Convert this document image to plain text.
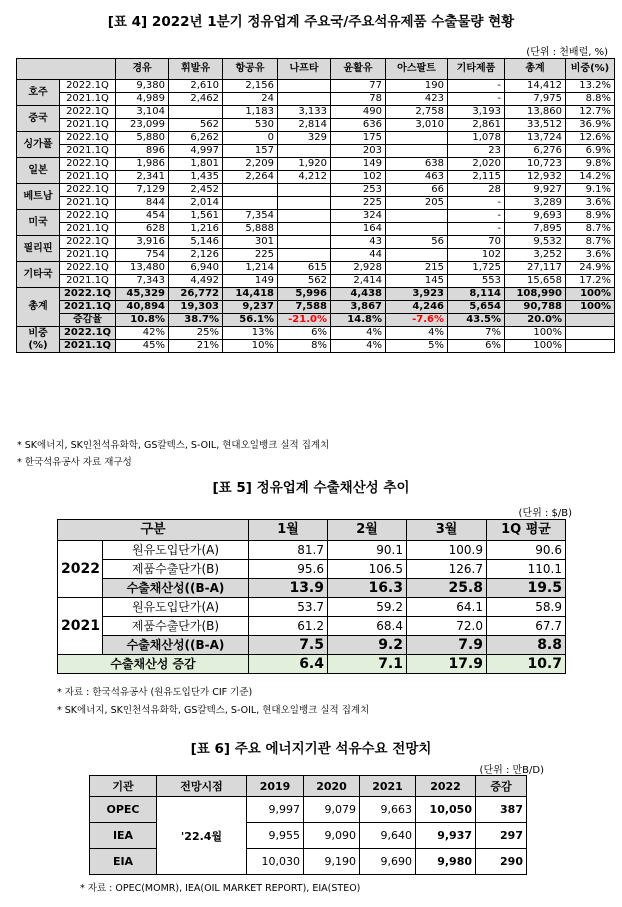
[표 4] 2022년 1분기 정유업계 주요국/주요석유제품 수출물량 현황
(단위 : 천배럴, %)
		경유	휘발유	항공유	나프타	윤활유	아스팔트	기타제품	총계	비중(%)
호주	2022.1Q	9,380	2,610	2,156		77	190	-	14,412	13.2%
	2021.1Q	4,989	2,462	24		78	423	-	7,975	8.8%
중국	2022.1Q	3,104		1,183	3,133	490	2,758	3,193	13,860	12.7%
	2021.1Q	23,099	562	530	2,814	636	3,010	2,861	33,512	36.9%
싱가폴	2022.1Q	5,880	6,262	0	329	175		1,078	13,724	12.6%
	2021.1Q	896	4,997	157		203		23	6,276	6.9%
일본	2022.1Q	1,986	1,801	2,209	1,920	149	638	2,020	10,723	9.8%
	2021.1Q	2,341	1,435	2,264	4,212	102	463	2,115	12,932	14.2%
베트남	2022.1Q	7,129	2,452			253	66	28	9,927	9.1%
	2021.1Q	844	2,014			225	205	-	3,289	3.6%
미국	2022.1Q	454	1,561	7,354		324		-	9,693	8.9%
	2021.1Q	628	1,216	5,888		164		-	7,895	8.7%
필리핀	2022.1Q	3,916	5,146	301		43	56	70	9,532	8.7%
	2021.1Q	754	2,126	225		44		102	3,252	3.6%
기타국	2022.1Q	13,480	6,940	1,214	615	2,928	215	1,725	27,117	24.9%
	2021.1Q	7,343	4,492	149	562	2,414	145	553	15,658	17.2%
총계	2022.1Q	45,329	26,772	14,418	5,996	4,438	3,923	8,114	108,990	100%
	2021.1Q	40,894	19,303	9,237	7,588	3,867	4,246	5,654	90,788	100%
	증감율	10.8%	38.7%	56.1%	-21.0%	14.8%	-7.6%	43.5%	20.0%	

비중
(%)	2022.1Q	42%	25%	13%	6%	4%	4%	7%	100%	
	2021.1Q	45%	21%	10%	8%	4%	5%	6%	100%	
* SK에너지, SK인천석유화학, GS칼텍스, S-OIL, 현대오일뱅크 실적 집계치
* 한국석유공사 자료 재구성
[표 5] 정유업계 수출채산성 추이
(단위 : $/B)
구분		1월	2월	3월	1Q 평균
2022	원유도입단가(A)	81.7	90.1	100.9	90.6
	제품수출단가(B)	95.6	106.5	126.7	110.1
	수출채산성((B-A)	13.9	16.3	25.8	19.5
2021	원유도입단가(A)	53.7	59.2	64.1	58.9
	제품수출단가(B)	61.2	68.4	72.0	67.7
	수출채산성((B-A)	7.5	9.2	7.9	8.8
수출채산성 증감		6.4	7.1	17.9	10.7
* 자료 : 한국석유공사 (원유도입단가 CIF 기준)
* SK에너지, SK인천석유화학, GS칼텍스, S-OIL, 현대오일뱅크 실적 집계치
[표 6] 주요 에너지기관 석유수요 전망치
(단위 : 만B/D)
기관	전망시점	2019	2020	2021	2022	증감
OPEC	'22.4월	9,997	9,079	9,663	10,050	387
IEA		9,955	9,090	9,640	9,937	297
EIA		10,030	9,190	9,690	9,980	290
* 자료 : OPEC(MOMR), IEA(OIL MARKET REPORT), EIA(STEO)
